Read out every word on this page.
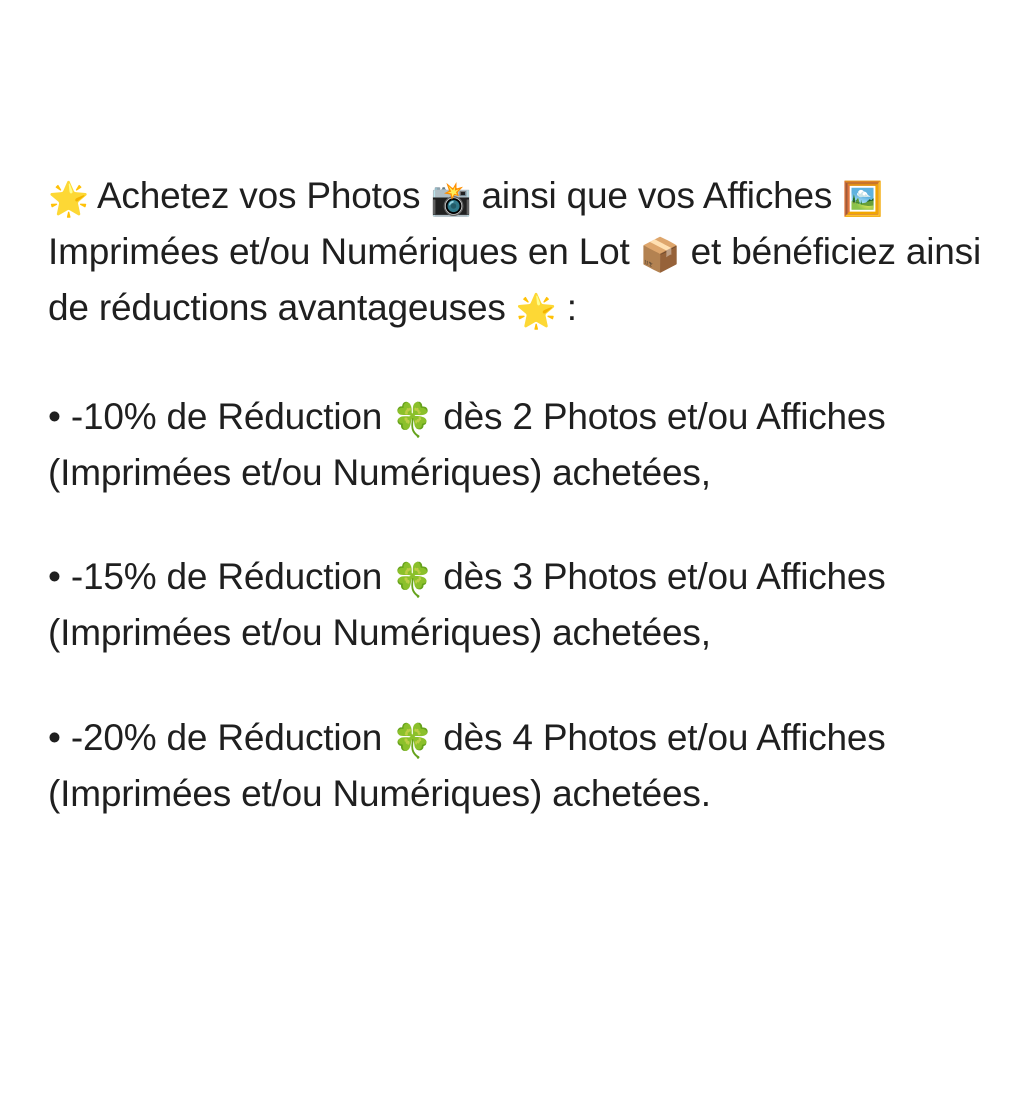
🌟 Achetez vos Photos 📸 ainsi que vos Affiches 🖼️ Imprimées et/ou Numériques en Lot 📦 et bénéficiez ainsi de réductions avantageuses 🌟 :

• -10% de Réduction 🍀 dès 2 Photos et/ou Affiches (Imprimées et/ou Numériques) achetées,

• -15% de Réduction 🍀 dès 3 Photos et/ou Affiches (Imprimées et/ou Numériques) achetées,

• -20% de Réduction 🍀 dès 4 Photos et/ou Affiches (Imprimées et/ou Numériques) achetées.
